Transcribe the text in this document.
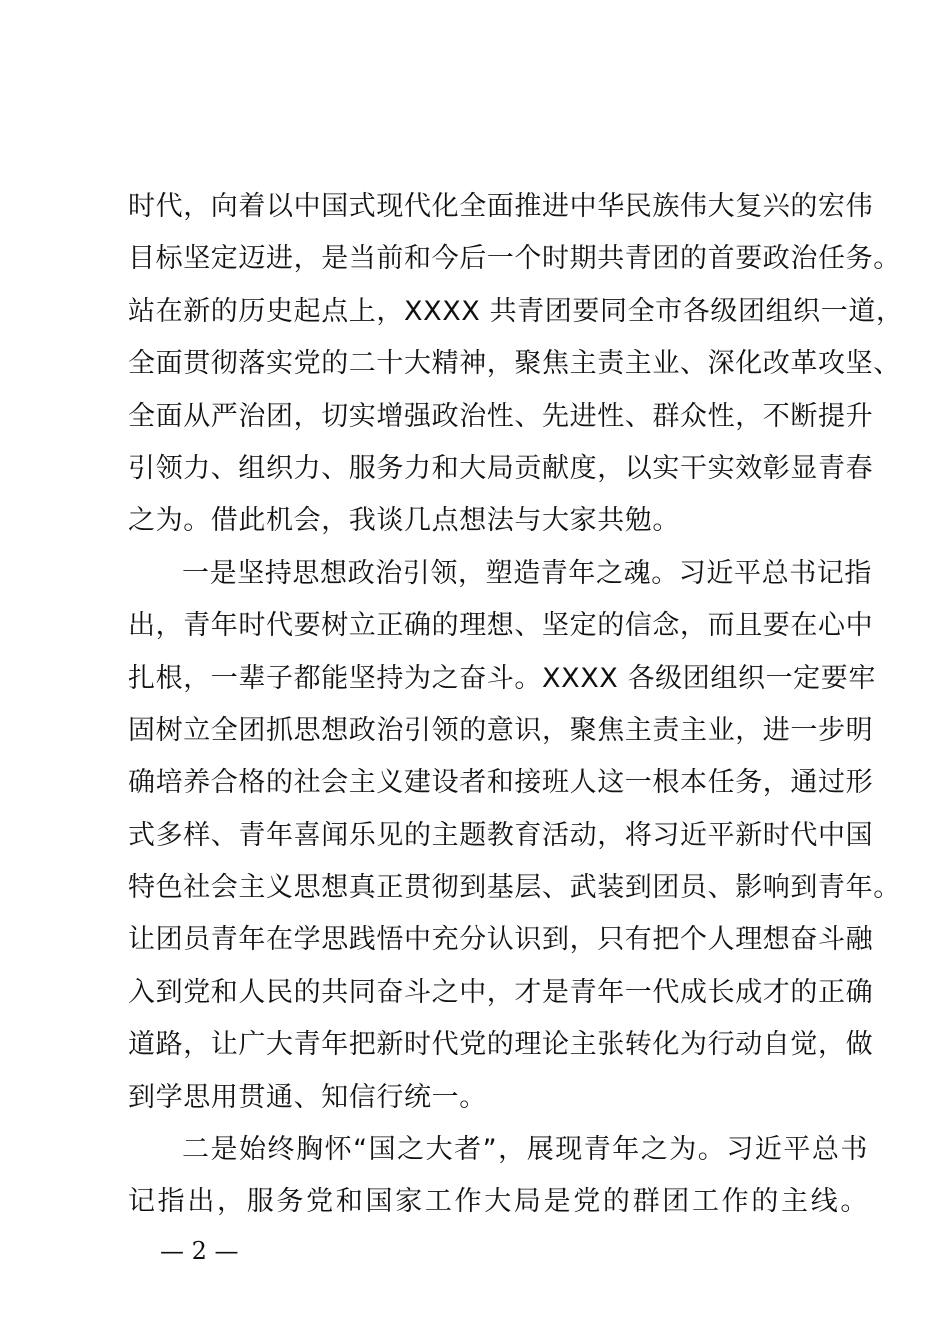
时代，向着以中国式现代化全面推进中华民族伟大复兴的宏伟
目标坚定迈进，是当前和今后一个时期共青团的首要政治任务。
站在新的历史起点上，XXXX 共青团要同全市各级团组织一道，
全面贯彻落实党的二十大精神，聚焦主责主业、深化改革攻坚、
全面从严治团，切实增强政治性、先进性、群众性，不断提升
引领力、组织力、服务力和大局贡献度，以实干实效彰显青春
之为。借此机会，我谈几点想法与大家共勉。
一是坚持思想政治引领，塑造青年之魂。习近平总书记指
出，青年时代要树立正确的理想、坚定的信念，而且要在心中
扎根，一辈子都能坚持为之奋斗。XXXX 各级团组织一定要牢
固树立全团抓思想政治引领的意识，聚焦主责主业，进一步明
确培养合格的社会主义建设者和接班人这一根本任务，通过形
式多样、青年喜闻乐见的主题教育活动，将习近平新时代中国
特色社会主义思想真正贯彻到基层、武装到团员、影响到青年。
让团员青年在学思践悟中充分认识到，只有把个人理想奋斗融
入到党和人民的共同奋斗之中，才是青年一代成长成才的正确
道路，让广大青年把新时代党的理论主张转化为行动自觉，做
到学思用贯通、知信行统一。
二是始终胸怀“国之大者”，展现青年之为。习近平总书
记指出，服务党和国家工作大局是党的群团工作的主线。
— 2 —
